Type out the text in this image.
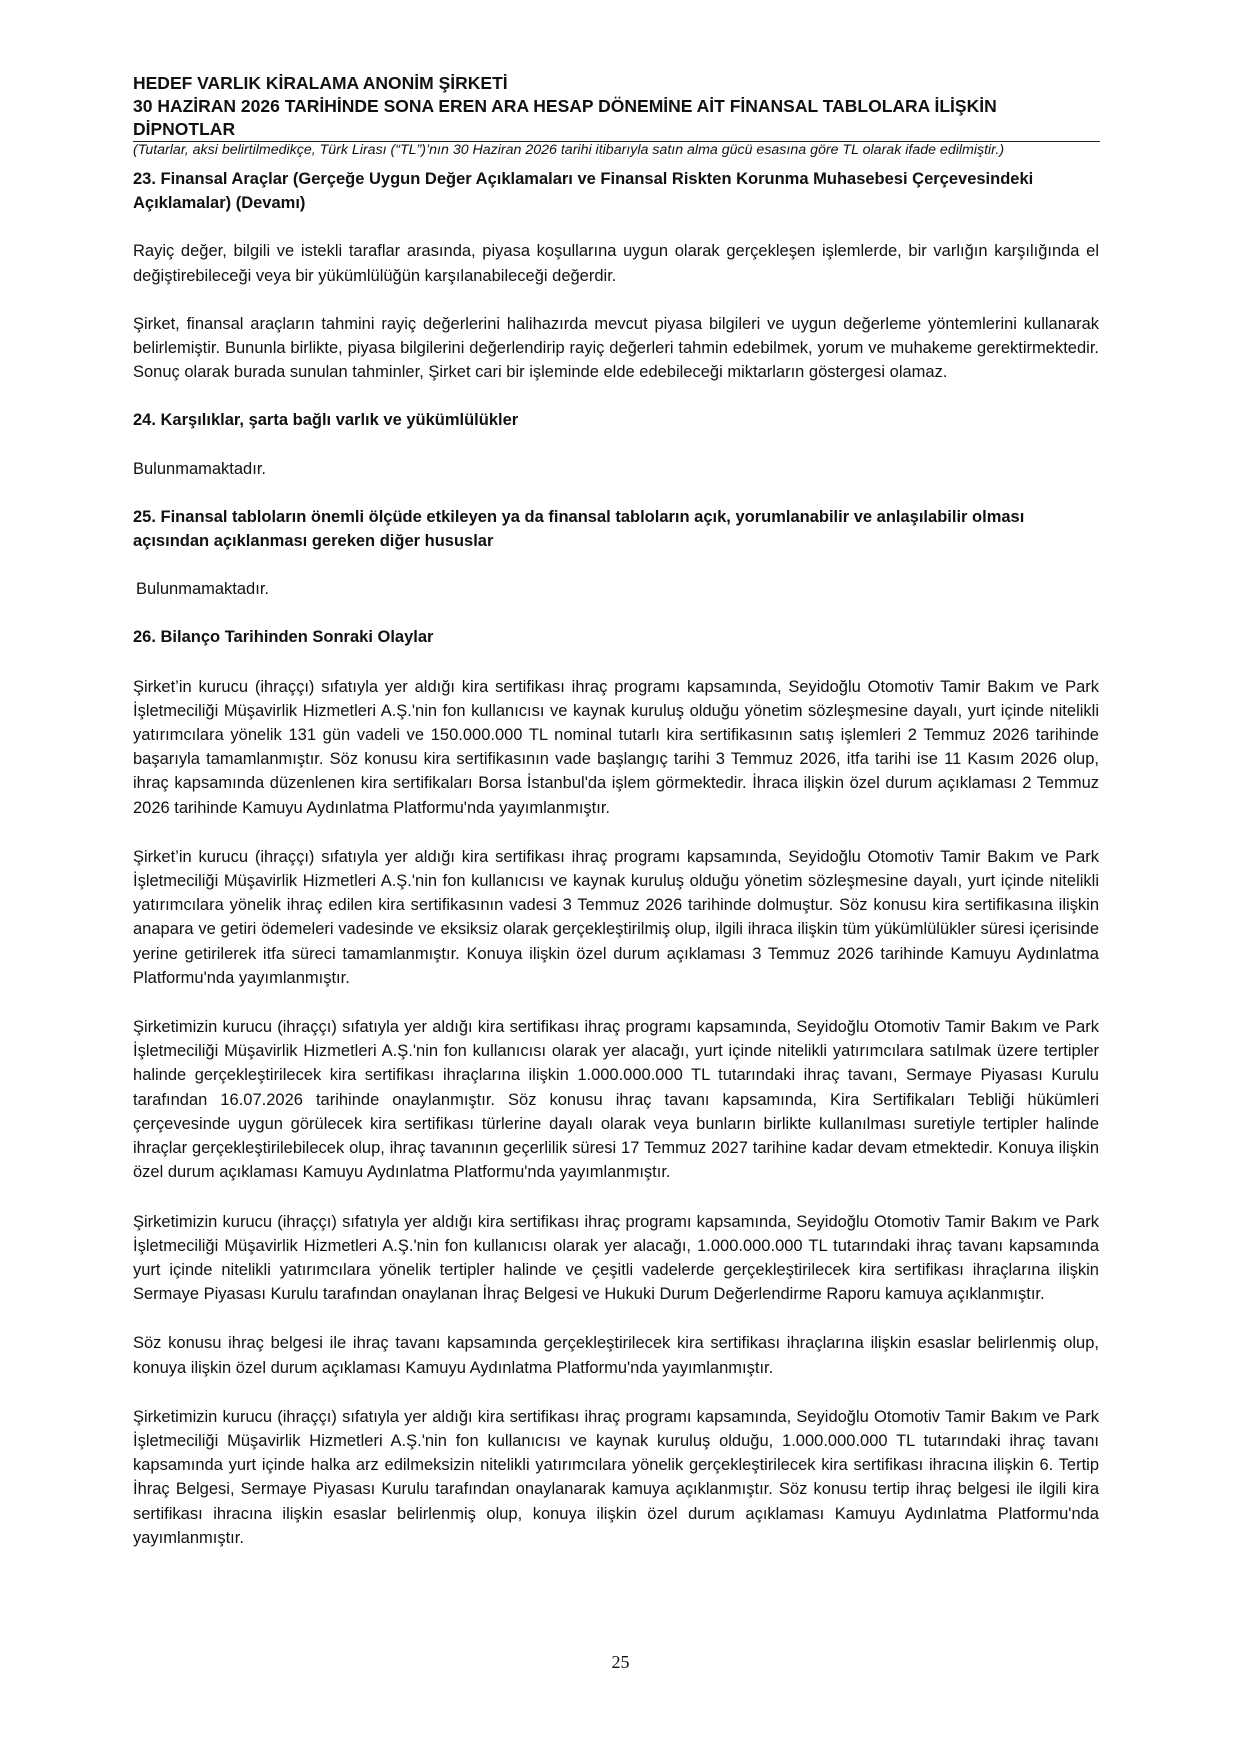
HEDEF VARLIK KİRALAMA ANONİM ŞİRKETİ
30 HAZİRAN 2026 TARİHİNDE SONA EREN ARA HESAP DÖNEMİNE AİT FİNANSAL TABLOLARA İLİŞKİN DİPNOTLAR
(Tutarlar, aksi belirtilmedikçe, Türk Lirası (“TL”)’nın 30 Haziran 2026 tarihi itibarıyla satın alma gücü esasına göre TL olarak ifade edilmiştir.)

23. Finansal Araçlar (Gerçeğe Uygun Değer Açıklamaları ve Finansal Riskten Korunma Muhasebesi Çerçevesindeki Açıklamalar) (Devamı)

Rayiç değer, bilgili ve istekli taraflar arasında, piyasa koşullarına uygun olarak gerçekleşen işlemlerde, bir varlığın karşılığında el değiştirebileceği veya bir yükümlülüğün karşılanabileceği değerdir.

Şirket, finansal araçların tahmini rayiç değerlerini halihazırda mevcut piyasa bilgileri ve uygun değerleme yöntemlerini kullanarak belirlemiştir. Bununla birlikte, piyasa bilgilerini değerlendirip rayiç değerleri tahmin edebilmek, yorum ve muhakeme gerektirmektedir. Sonuç olarak burada sunulan tahminler, Şirket cari bir işleminde elde edebileceği miktarların göstergesi olamaz.

24. Karşılıklar, şarta bağlı varlık ve yükümlülükler

Bulunmamaktadır.

25. Finansal tabloların önemli ölçüde etkileyen ya da finansal tabloların açık, yorumlanabilir ve anlaşılabilir olması açısından açıklanması gereken diğer hususlar

Bulunmamaktadır.

26. Bilanço Tarihinden Sonraki Olaylar

Şirket’in kurucu (ihraççı) sıfatıyla yer aldığı kira sertifikası ihraç programı kapsamında, Seyidoğlu Otomotiv Tamir Bakım ve Park İşletmeciliği Müşavirlik Hizmetleri A.Ş.'nin fon kullanıcısı ve kaynak kuruluş olduğu yönetim sözleşmesine dayalı, yurt içinde nitelikli yatırımcılara yönelik 131 gün vadeli ve 150.000.000 TL nominal tutarlı kira sertifikasının satış işlemleri 2 Temmuz 2026 tarihinde başarıyla tamamlanmıştır. Söz konusu kira sertifikasının vade başlangıç tarihi 3 Temmuz 2026, itfa tarihi ise 11 Kasım 2026 olup, ihraç kapsamında düzenlenen kira sertifikaları Borsa İstanbul'da işlem görmektedir. İhraca ilişkin özel durum açıklaması 2 Temmuz 2026 tarihinde Kamuyu Aydınlatma Platformu'nda yayımlanmıştır.

Şirket’in kurucu (ihraççı) sıfatıyla yer aldığı kira sertifikası ihraç programı kapsamında, Seyidoğlu Otomotiv Tamir Bakım ve Park İşletmeciliği Müşavirlik Hizmetleri A.Ş.'nin fon kullanıcısı ve kaynak kuruluş olduğu yönetim sözleşmesine dayalı, yurt içinde nitelikli yatırımcılara yönelik ihraç edilen kira sertifikasının vadesi 3 Temmuz 2026 tarihinde dolmuştur. Söz konusu kira sertifikasına ilişkin anapara ve getiri ödemeleri vadesinde ve eksiksiz olarak gerçekleştirilmiş olup, ilgili ihraca ilişkin tüm yükümlülükler süresi içerisinde yerine getirilerek itfa süreci tamamlanmıştır. Konuya ilişkin özel durum açıklaması 3 Temmuz 2026 tarihinde Kamuyu Aydınlatma Platformu'nda yayımlanmıştır.

Şirketimizin kurucu (ihraççı) sıfatıyla yer aldığı kira sertifikası ihraç programı kapsamında, Seyidoğlu Otomotiv Tamir Bakım ve Park İşletmeciliği Müşavirlik Hizmetleri A.Ş.'nin fon kullanıcısı olarak yer alacağı, yurt içinde nitelikli yatırımcılara satılmak üzere tertipler halinde gerçekleştirilecek kira sertifikası ihraçlarına ilişkin 1.000.000.000 TL tutarındaki ihraç tavanı, Sermaye Piyasası Kurulu tarafından 16.07.2026 tarihinde onaylanmıştır. Söz konusu ihraç tavanı kapsamında, Kira Sertifikaları Tebliği hükümleri çerçevesinde uygun görülecek kira sertifikası türlerine dayalı olarak veya bunların birlikte kullanılması suretiyle tertipler halinde ihraçlar gerçekleştirilebilecek olup, ihraç tavanının geçerlilik süresi 17 Temmuz 2027 tarihine kadar devam etmektedir. Konuya ilişkin özel durum açıklaması Kamuyu Aydınlatma Platformu'nda yayımlanmıştır.

Şirketimizin kurucu (ihraççı) sıfatıyla yer aldığı kira sertifikası ihraç programı kapsamında, Seyidoğlu Otomotiv Tamir Bakım ve Park İşletmeciliği Müşavirlik Hizmetleri A.Ş.'nin fon kullanıcısı olarak yer alacağı, 1.000.000.000 TL tutarındaki ihraç tavanı kapsamında yurt içinde nitelikli yatırımcılara yönelik tertipler halinde ve çeşitli vadelerde gerçekleştirilecek kira sertifikası ihraçlarına ilişkin Sermaye Piyasası Kurulu tarafından onaylanan İhraç Belgesi ve Hukuki Durum Değerlendirme Raporu kamuya açıklanmıştır.

Söz konusu ihraç belgesi ile ihraç tavanı kapsamında gerçekleştirilecek kira sertifikası ihraçlarına ilişkin esaslar belirlenmiş olup, konuya ilişkin özel durum açıklaması Kamuyu Aydınlatma Platformu'nda yayımlanmıştır.

Şirketimizin kurucu (ihraççı) sıfatıyla yer aldığı kira sertifikası ihraç programı kapsamında, Seyidoğlu Otomotiv Tamir Bakım ve Park İşletmeciliği Müşavirlik Hizmetleri A.Ş.'nin fon kullanıcısı ve kaynak kuruluş olduğu, 1.000.000.000 TL tutarındaki ihraç tavanı kapsamında yurt içinde halka arz edilmeksizin nitelikli yatırımcılara yönelik gerçekleştirilecek kira sertifikası ihracına ilişkin 6. Tertip İhraç Belgesi, Sermaye Piyasası Kurulu tarafından onaylanarak kamuya açıklanmıştır. Söz konusu tertip ihraç belgesi ile ilgili kira sertifikası ihracına ilişkin esaslar belirlenmiş olup, konuya ilişkin özel durum açıklaması Kamuyu Aydınlatma Platformu'nda yayımlanmıştır.

25
